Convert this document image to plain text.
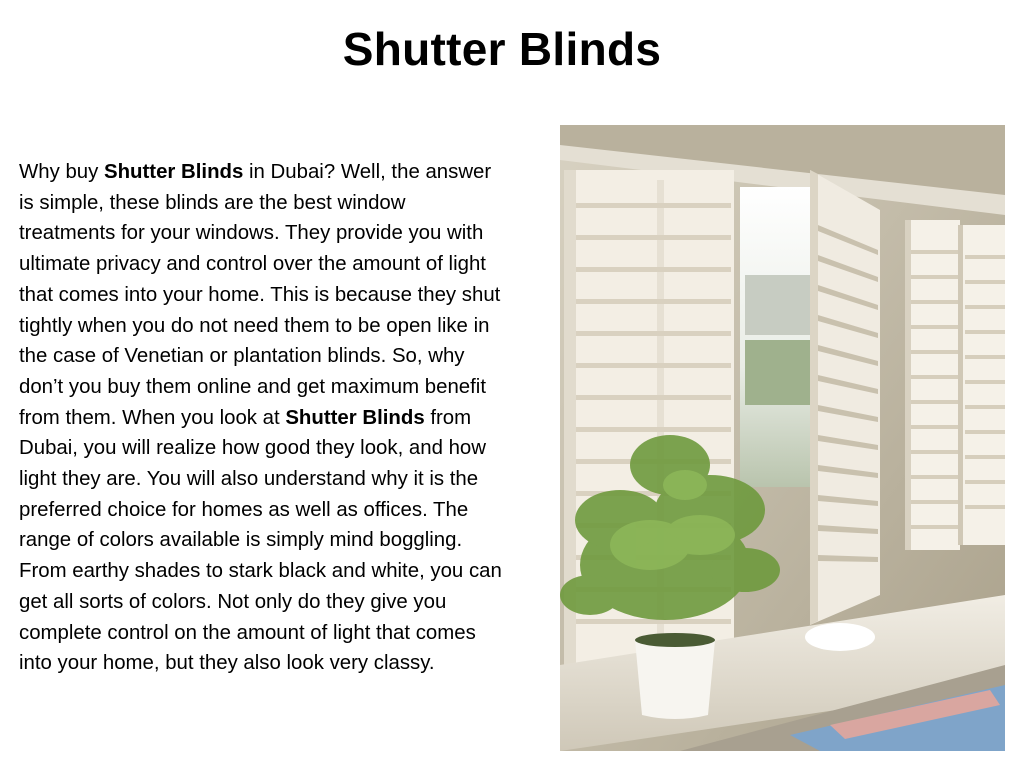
Shutter Blinds
Why buy Shutter Blinds in Dubai? Well, the answer is simple, these blinds are the best window treatments for your windows. They provide you with ultimate privacy and control over the amount of light that comes into your home. This is because they shut tightly when you do not need them to be open like in the case of Venetian or plantation blinds. So, why don’t you buy them online and get maximum benefit from them. When you look at Shutter Blinds from Dubai, you will realize how good they look, and how light they are. You will also understand why it is the preferred choice for homes as well as offices. The range of colors available is simply mind boggling. From earthy shades to stark black and white, you can get all sorts of colors. Not only do they give you complete control on the amount of light that comes into your home, but they also look very classy.
